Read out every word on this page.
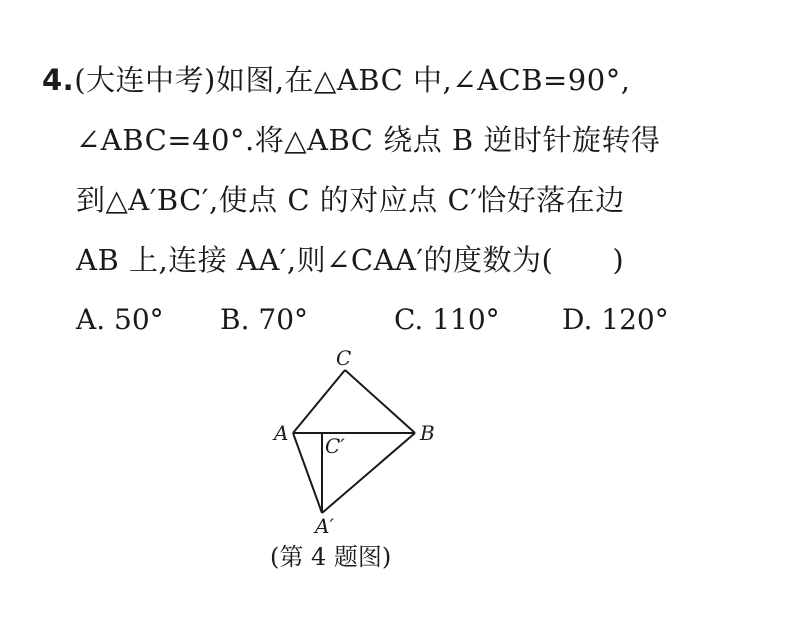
4.(大连中考)如图,在△ABC 中,∠ACB=90°,
∠ABC=40°.将△ABC 绕点 B 逆时针旋转得
到△A′BC′,使点 C 的对应点 C′恰好落在边
AB 上,连接 AA′,则∠CAA′的度数为(　　)
A. 50° B. 70°	C. 110° D. 120°
C
A	B
C′
A′
(第 4 题图)
